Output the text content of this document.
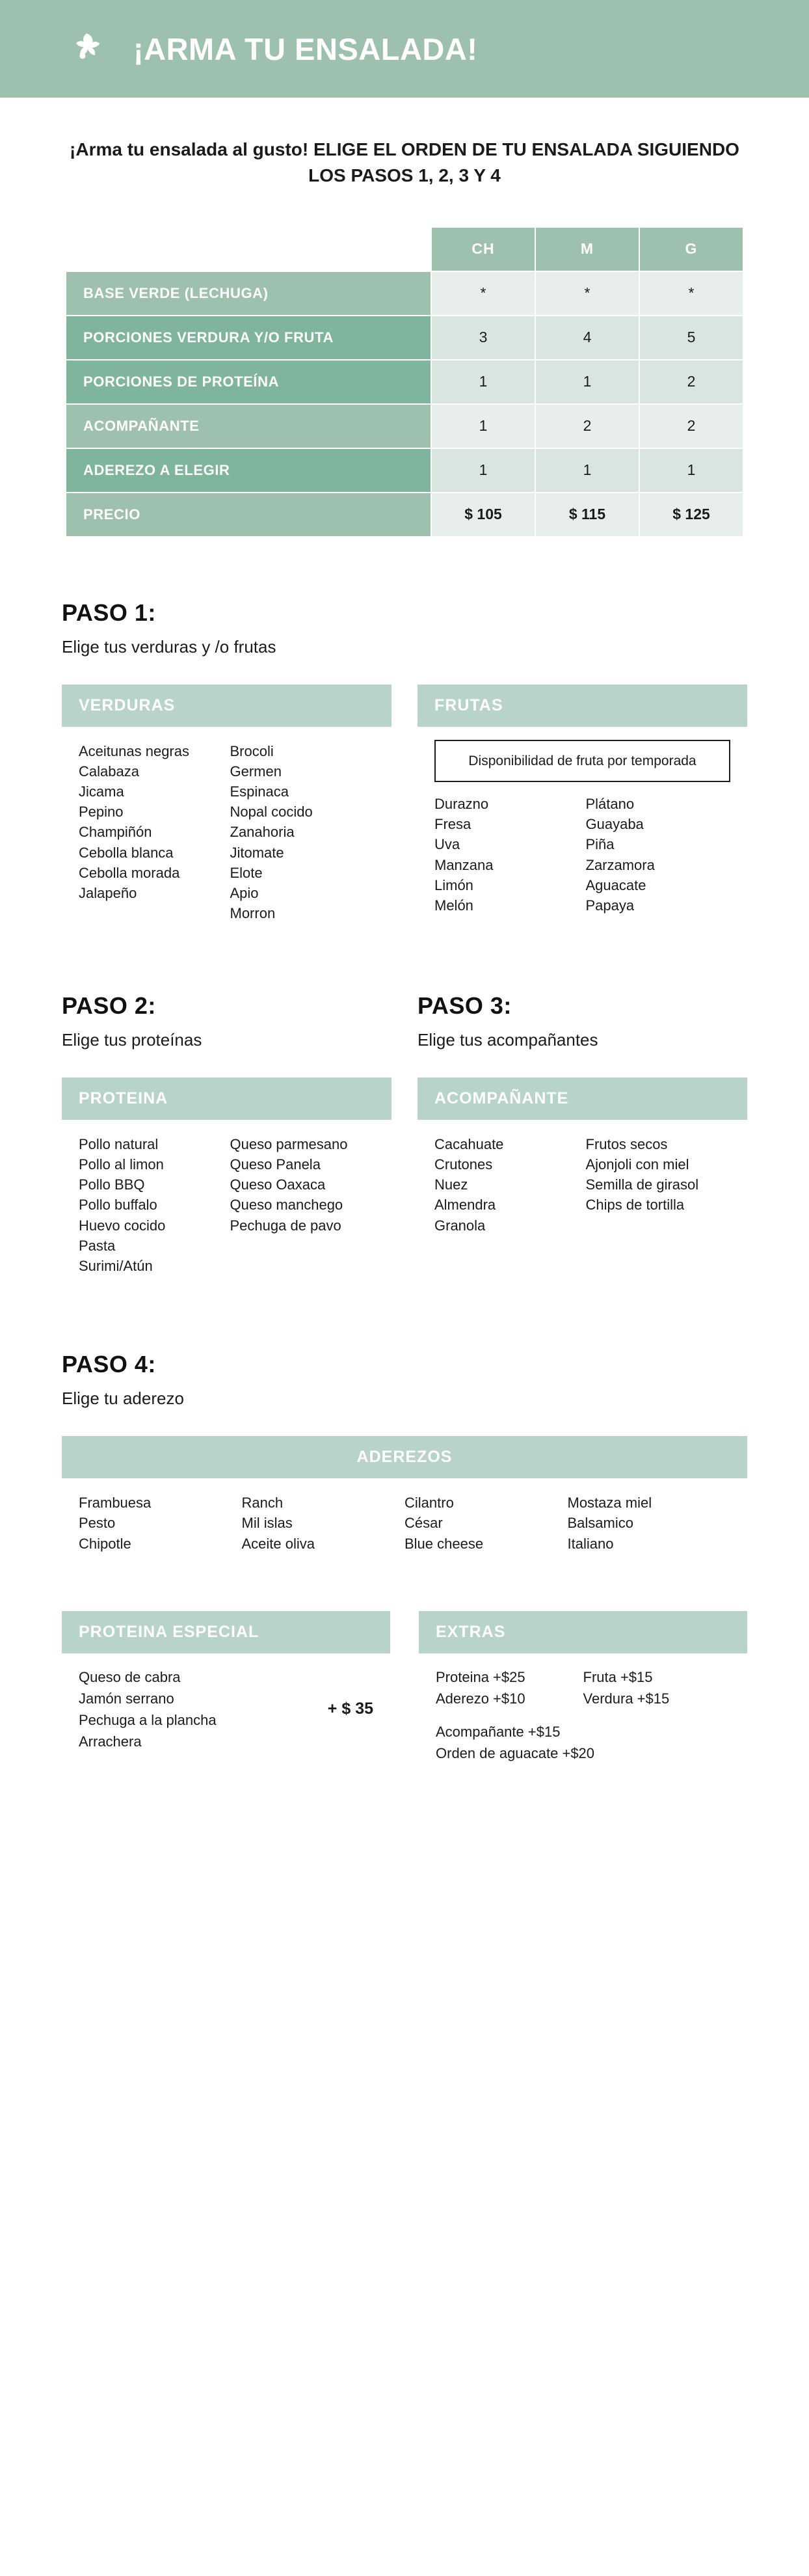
¡ARMA TU ENSALADA!
¡Arma tu ensalada al gusto! ELIGE EL ORDEN DE TU ENSALADA SIGUIENDO LOS PASOS 1, 2, 3 Y 4
	CH	M	G
BASE VERDE (LECHUGA)	*	*	*
PORCIONES VERDURA Y/O FRUTA	3	4	5
PORCIONES DE PROTEÍNA	1	1	2
ACOMPAÑANTE	1	2	2
ADEREZO A ELEGIR	1	1	1
PRECIO	$ 105	$ 115	$ 125
PASO 1:
Elige tus verduras y /o frutas
VERDURAS
Aceitunas negras
Calabaza
Jicama
Pepino
Champiñón
Cebolla blanca
Cebolla morada
Jalapeño
Brocoli
Germen
Espinaca
Nopal cocido
Zanahoria
Jitomate
Elote
Apio
Morron
FRUTAS
Disponibilidad de fruta por temporada
Durazno
Fresa
Uva
Manzana
Limón
Melón
Plátano
Guayaba
Piña
Zarzamora
Aguacate
Papaya
PASO 2:
Elige tus proteínas
PROTEINA
Pollo natural
Pollo al limon
Pollo BBQ
Pollo buffalo
Huevo cocido
Pasta
Surimi/Atún
Queso parmesano
Queso Panela
Queso Oaxaca
Queso manchego
Pechuga de pavo
PASO 3:
Elige tus acompañantes
ACOMPAÑANTE
Cacahuate
Crutones
Nuez
Almendra
Granola
Frutos secos
Ajonjoli con miel
Semilla de girasol
Chips de tortilla
PASO 4:
Elige tu aderezo
ADEREZOS
Frambuesa
Pesto
Chipotle
Ranch
Mil islas
Aceite oliva
Cilantro
César
Blue cheese
Mostaza miel
Balsamico
Italiano
PROTEINA ESPECIAL
Queso de cabra
Jamón serrano
Pechuga a la plancha
Arrachera
+ $ 35
EXTRAS
Proteina +$25
Aderezo +$10
Fruta +$15
Verdura +$15
Acompañante +$15
Orden de aguacate +$20
